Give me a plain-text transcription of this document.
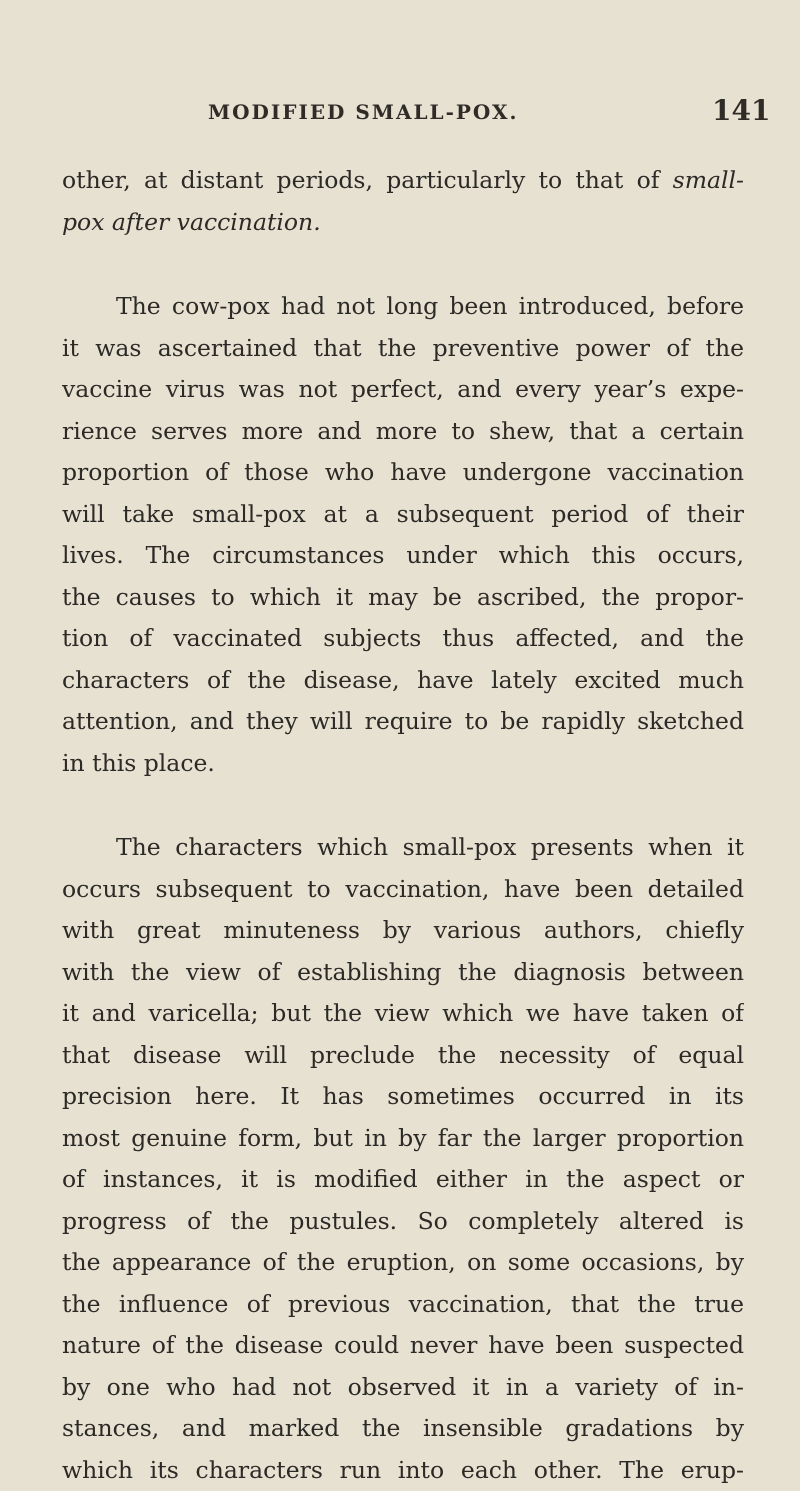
MODIFIED SMALL-POX.	141
other, at distant periods, particularly to that of small-
pox after vaccination.
The cow-pox had not long been introduced, before
it was ascertained that the preventive power of the
vaccine virus was not perfect, and every year’s expe-
rience serves more and more to shew, that a certain
proportion of those who have undergone vaccination
will take small-pox at a subsequent period of their
lives. The circumstances under which this occurs,
the causes to which it may be ascribed, the propor-
tion of vaccinated subjects thus affected, and the
characters of the disease, have lately excited much
attention, and they will require to be rapidly sketched
in this place.
The characters which small-pox presents when it
occurs subsequent to vaccination, have been detailed
with great minuteness by various authors, chiefly
with the view of establishing the diagnosis between
it and varicella; but the view which we have taken of
that disease will preclude the necessity of equal
precision here. It has sometimes occurred in its
most genuine form, but in by far the larger proportion
of instances, it is modified either in the aspect or
progress of the pustules. So completely altered is
the appearance of the eruption, on some occasions, by
the influence of previous vaccination, that the true
nature of the disease could never have been suspected
by one who had not observed it in a variety of in-
stances, and marked the insensible gradations by
which its characters run into each other. The erup-
